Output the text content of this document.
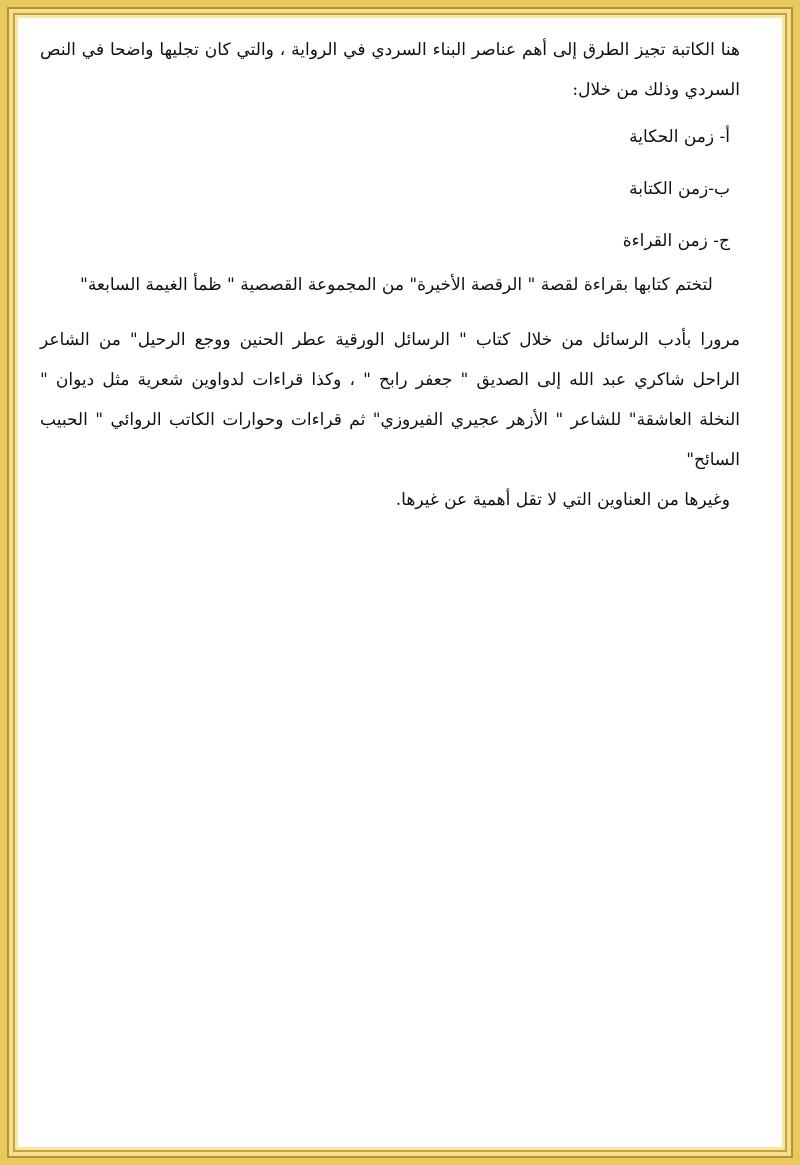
هنا الكاتبة تجيز الطرق إلى أهم عناصر البناء السردي في الرواية ، والتي كان تجليها واضحا في النص السردي وذلك من خلال:

أ- زمن الحكاية

ب-زمن الكتابة

ج- زمن القراءة

لتختم كتابها بقراءة لقصة " الرقصة الأخيرة" من المجموعة القصصية " ظمأ الغيمة السابعة"

مرورا بأدب الرسائل من خلال كتاب " الرسائل الورقية عطر الحنين ووجع الرحيل" من الشاعر الراحل شاكري عبد الله إلى الصديق " جعفر رابح " ، وكذا قراءات لدواوين شعرية مثل ديوان " النخلة العاشقة" للشاعر " الأزهر عجيري الفيروزي" ثم قراءات وحوارات الكاتب الروائي " الحبيب السائح"
وغيرها من العناوين التي لا تقل أهمية عن غيرها.
